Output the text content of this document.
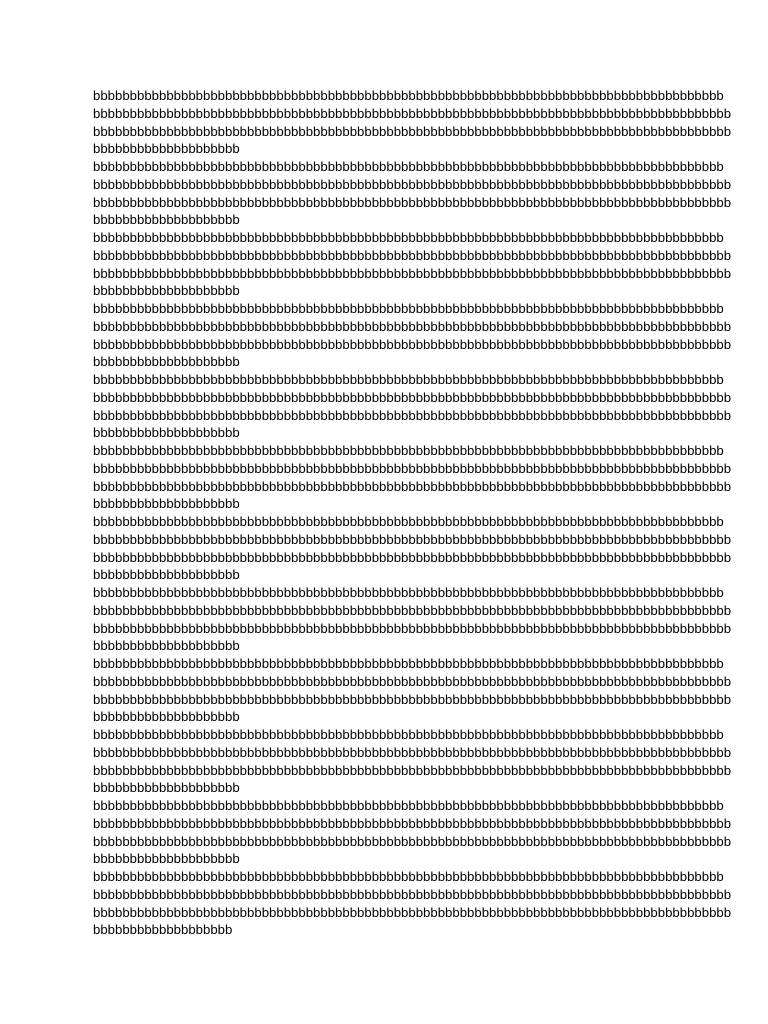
bbbbbbbbbbbbbbbbbbbbbbbbbbbbbbbbbbbbbbbbbbbbbbbbbbbbbbbbbbbbbbbbbbbbbbbbbbbbbbbbbbbbbb
bbbbbbbbbbbbbbbbbbbbbbbbbbbbbbbbbbbbbbbbbbbbbbbbbbbbbbbbbbbbbbbbbbbbbbbbbbbbbbbbbbbbbbb
bbbbbbbbbbbbbbbbbbbbbbbbbbbbbbbbbbbbbbbbbbbbbbbbbbbbbbbbbbbbbbbbbbbbbbbbbbbbbbbbbbbbbbb
bbbbbbbbbbbbbbbbbbbb
bbbbbbbbbbbbbbbbbbbbbbbbbbbbbbbbbbbbbbbbbbbbbbbbbbbbbbbbbbbbbbbbbbbbbbbbbbbbbbbbbbbbbb
bbbbbbbbbbbbbbbbbbbbbbbbbbbbbbbbbbbbbbbbbbbbbbbbbbbbbbbbbbbbbbbbbbbbbbbbbbbbbbbbbbbbbbb
bbbbbbbbbbbbbbbbbbbbbbbbbbbbbbbbbbbbbbbbbbbbbbbbbbbbbbbbbbbbbbbbbbbbbbbbbbbbbbbbbbbbbbb
bbbbbbbbbbbbbbbbbbbb
bbbbbbbbbbbbbbbbbbbbbbbbbbbbbbbbbbbbbbbbbbbbbbbbbbbbbbbbbbbbbbbbbbbbbbbbbbbbbbbbbbbbbb
bbbbbbbbbbbbbbbbbbbbbbbbbbbbbbbbbbbbbbbbbbbbbbbbbbbbbbbbbbbbbbbbbbbbbbbbbbbbbbbbbbbbbbb
bbbbbbbbbbbbbbbbbbbbbbbbbbbbbbbbbbbbbbbbbbbbbbbbbbbbbbbbbbbbbbbbbbbbbbbbbbbbbbbbbbbbbbb
bbbbbbbbbbbbbbbbbbbb
bbbbbbbbbbbbbbbbbbbbbbbbbbbbbbbbbbbbbbbbbbbbbbbbbbbbbbbbbbbbbbbbbbbbbbbbbbbbbbbbbbbbbb
bbbbbbbbbbbbbbbbbbbbbbbbbbbbbbbbbbbbbbbbbbbbbbbbbbbbbbbbbbbbbbbbbbbbbbbbbbbbbbbbbbbbbbb
bbbbbbbbbbbbbbbbbbbbbbbbbbbbbbbbbbbbbbbbbbbbbbbbbbbbbbbbbbbbbbbbbbbbbbbbbbbbbbbbbbbbbbb
bbbbbbbbbbbbbbbbbbbb
bbbbbbbbbbbbbbbbbbbbbbbbbbbbbbbbbbbbbbbbbbbbbbbbbbbbbbbbbbbbbbbbbbbbbbbbbbbbbbbbbbbbbb
bbbbbbbbbbbbbbbbbbbbbbbbbbbbbbbbbbbbbbbbbbbbbbbbbbbbbbbbbbbbbbbbbbbbbbbbbbbbbbbbbbbbbbb
bbbbbbbbbbbbbbbbbbbbbbbbbbbbbbbbbbbbbbbbbbbbbbbbbbbbbbbbbbbbbbbbbbbbbbbbbbbbbbbbbbbbbbb
bbbbbbbbbbbbbbbbbbbb
bbbbbbbbbbbbbbbbbbbbbbbbbbbbbbbbbbbbbbbbbbbbbbbbbbbbbbbbbbbbbbbbbbbbbbbbbbbbbbbbbbbbbb
bbbbbbbbbbbbbbbbbbbbbbbbbbbbbbbbbbbbbbbbbbbbbbbbbbbbbbbbbbbbbbbbbbbbbbbbbbbbbbbbbbbbbbb
bbbbbbbbbbbbbbbbbbbbbbbbbbbbbbbbbbbbbbbbbbbbbbbbbbbbbbbbbbbbbbbbbbbbbbbbbbbbbbbbbbbbbbb
bbbbbbbbbbbbbbbbbbbb
bbbbbbbbbbbbbbbbbbbbbbbbbbbbbbbbbbbbbbbbbbbbbbbbbbbbbbbbbbbbbbbbbbbbbbbbbbbbbbbbbbbbbb
bbbbbbbbbbbbbbbbbbbbbbbbbbbbbbbbbbbbbbbbbbbbbbbbbbbbbbbbbbbbbbbbbbbbbbbbbbbbbbbbbbbbbbb
bbbbbbbbbbbbbbbbbbbbbbbbbbbbbbbbbbbbbbbbbbbbbbbbbbbbbbbbbbbbbbbbbbbbbbbbbbbbbbbbbbbbbbb
bbbbbbbbbbbbbbbbbbbb
bbbbbbbbbbbbbbbbbbbbbbbbbbbbbbbbbbbbbbbbbbbbbbbbbbbbbbbbbbbbbbbbbbbbbbbbbbbbbbbbbbbbbb
bbbbbbbbbbbbbbbbbbbbbbbbbbbbbbbbbbbbbbbbbbbbbbbbbbbbbbbbbbbbbbbbbbbbbbbbbbbbbbbbbbbbbbb
bbbbbbbbbbbbbbbbbbbbbbbbbbbbbbbbbbbbbbbbbbbbbbbbbbbbbbbbbbbbbbbbbbbbbbbbbbbbbbbbbbbbbbb
bbbbbbbbbbbbbbbbbbbb
bbbbbbbbbbbbbbbbbbbbbbbbbbbbbbbbbbbbbbbbbbbbbbbbbbbbbbbbbbbbbbbbbbbbbbbbbbbbbbbbbbbbbb
bbbbbbbbbbbbbbbbbbbbbbbbbbbbbbbbbbbbbbbbbbbbbbbbbbbbbbbbbbbbbbbbbbbbbbbbbbbbbbbbbbbbbbb
bbbbbbbbbbbbbbbbbbbbbbbbbbbbbbbbbbbbbbbbbbbbbbbbbbbbbbbbbbbbbbbbbbbbbbbbbbbbbbbbbbbbbbb
bbbbbbbbbbbbbbbbbbbb
bbbbbbbbbbbbbbbbbbbbbbbbbbbbbbbbbbbbbbbbbbbbbbbbbbbbbbbbbbbbbbbbbbbbbbbbbbbbbbbbbbbbbb
bbbbbbbbbbbbbbbbbbbbbbbbbbbbbbbbbbbbbbbbbbbbbbbbbbbbbbbbbbbbbbbbbbbbbbbbbbbbbbbbbbbbbbb
bbbbbbbbbbbbbbbbbbbbbbbbbbbbbbbbbbbbbbbbbbbbbbbbbbbbbbbbbbbbbbbbbbbbbbbbbbbbbbbbbbbbbbb
bbbbbbbbbbbbbbbbbbbb
bbbbbbbbbbbbbbbbbbbbbbbbbbbbbbbbbbbbbbbbbbbbbbbbbbbbbbbbbbbbbbbbbbbbbbbbbbbbbbbbbbbbbb
bbbbbbbbbbbbbbbbbbbbbbbbbbbbbbbbbbbbbbbbbbbbbbbbbbbbbbbbbbbbbbbbbbbbbbbbbbbbbbbbbbbbbbb
bbbbbbbbbbbbbbbbbbbbbbbbbbbbbbbbbbbbbbbbbbbbbbbbbbbbbbbbbbbbbbbbbbbbbbbbbbbbbbbbbbbbbbb
bbbbbbbbbbbbbbbbbbbb
bbbbbbbbbbbbbbbbbbbbbbbbbbbbbbbbbbbbbbbbbbbbbbbbbbbbbbbbbbbbbbbbbbbbbbbbbbbbbbbbbbbbbb
bbbbbbbbbbbbbbbbbbbbbbbbbbbbbbbbbbbbbbbbbbbbbbbbbbbbbbbbbbbbbbbbbbbbbbbbbbbbbbbbbbbbbbb
bbbbbbbbbbbbbbbbbbbbbbbbbbbbbbbbbbbbbbbbbbbbbbbbbbbbbbbbbbbbbbbbbbbbbbbbbbbbbbbbbbbbbbb
bbbbbbbbbbbbbbbbbbb
